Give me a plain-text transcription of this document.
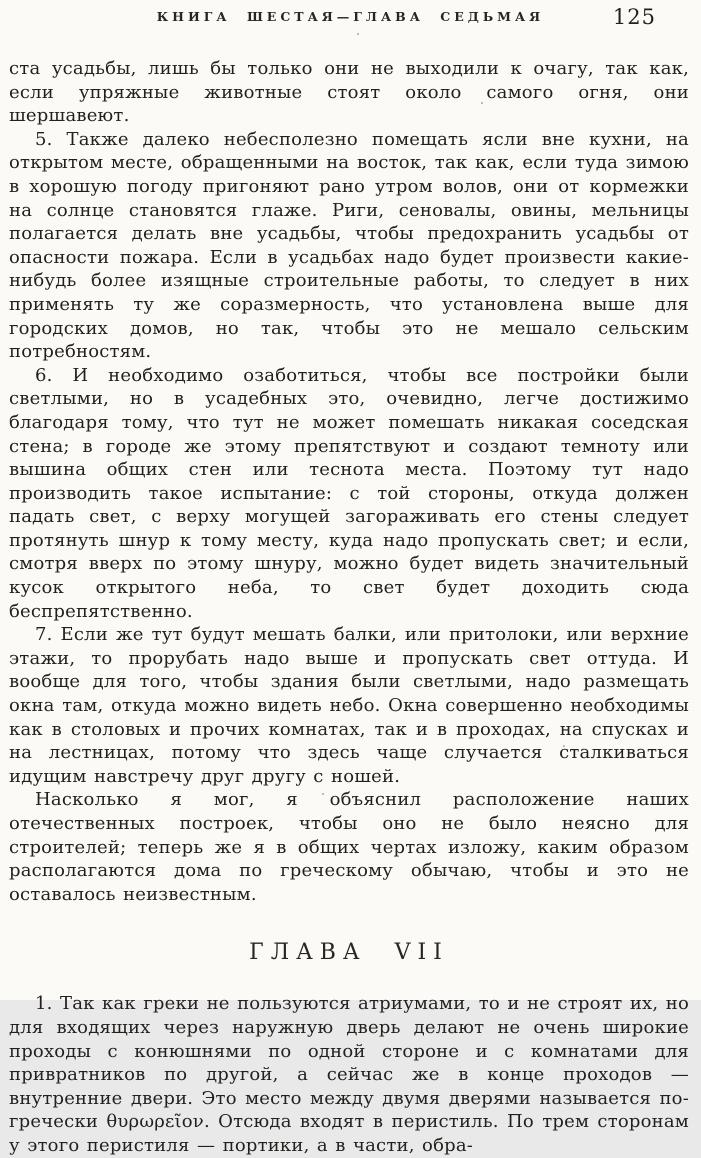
КНИГА ШЕСТАЯ—ГЛАВА СЕДЬМАЯ	125

ста усадьбы, лишь бы только они не выходили к очагу, так как, если упряжные животные стоят около самого огня, они шершавеют.

5. Также далеко небесполезно помещать ясли вне кухни, на открытом месте, обращенными на восток, так как, если туда зимою в хорошую погоду пригоняют рано утром волов, они от кормежки на солнце становятся глаже. Риги, сеновалы, овины, мельницы полагается делать вне усадьбы, чтобы предохранить усадьбы от опасности пожара. Если в усадьбах надо будет произвести какие-нибудь более изящные строительные работы, то следует в них применять ту же соразмерность, что установлена выше для городских домов, но так, чтобы это не мешало сельским потребностям.

6. И необходимо озаботиться, чтобы все постройки были светлыми, но в усадебных это, очевидно, легче достижимо благодаря тому, что тут не может помешать никакая соседская стена; в городе же этому препятствуют и создают темноту или вышина общих стен или теснота места. Поэтому тут надо производить такое испытание: с той стороны, откуда должен падать свет, с верху могущей загораживать его стены следует протянуть шнур к тому месту, куда надо пропускать свет; и если, смотря вверх по этому шнуру, можно будет видеть значительный кусок открытого неба, то свет будет доходить сюда беспрепятственно.

7. Если же тут будут мешать балки, или притолоки, или верхние этажи, то прорубать надо выше и пропускать свет оттуда. И вообще для того, чтобы здания были светлыми, надо размещать окна там, откуда можно видеть небо. Окна совершенно необходимы как в столовых и прочих комнатах, так и в проходах, на спусках и на лестницах, потому что здесь чаще случается сталкиваться идущим навстречу друг другу с ношей.

Насколько я мог, я объяснил расположение наших отечественных построек, чтобы оно не было неясно для строителей; теперь же я в общих чертах изложу, каким образом располагаются дома по греческому обычаю, чтобы и это не оставалось неизвестным.

ГЛАВА VII

1. Так как греки не пользуются атриумами, то и не строят их, но для входящих через наружную дверь делают не очень широкие проходы с конюшнями по одной стороне и с комнатами для привратников по другой, а сейчас же в конце проходов — внутренние двери. Это место между двумя дверями называется по-гречески θυρωρεῖον. Отсюда входят в перистиль. По трем сторонам у этого перистиля — портики, а в части, обра-
